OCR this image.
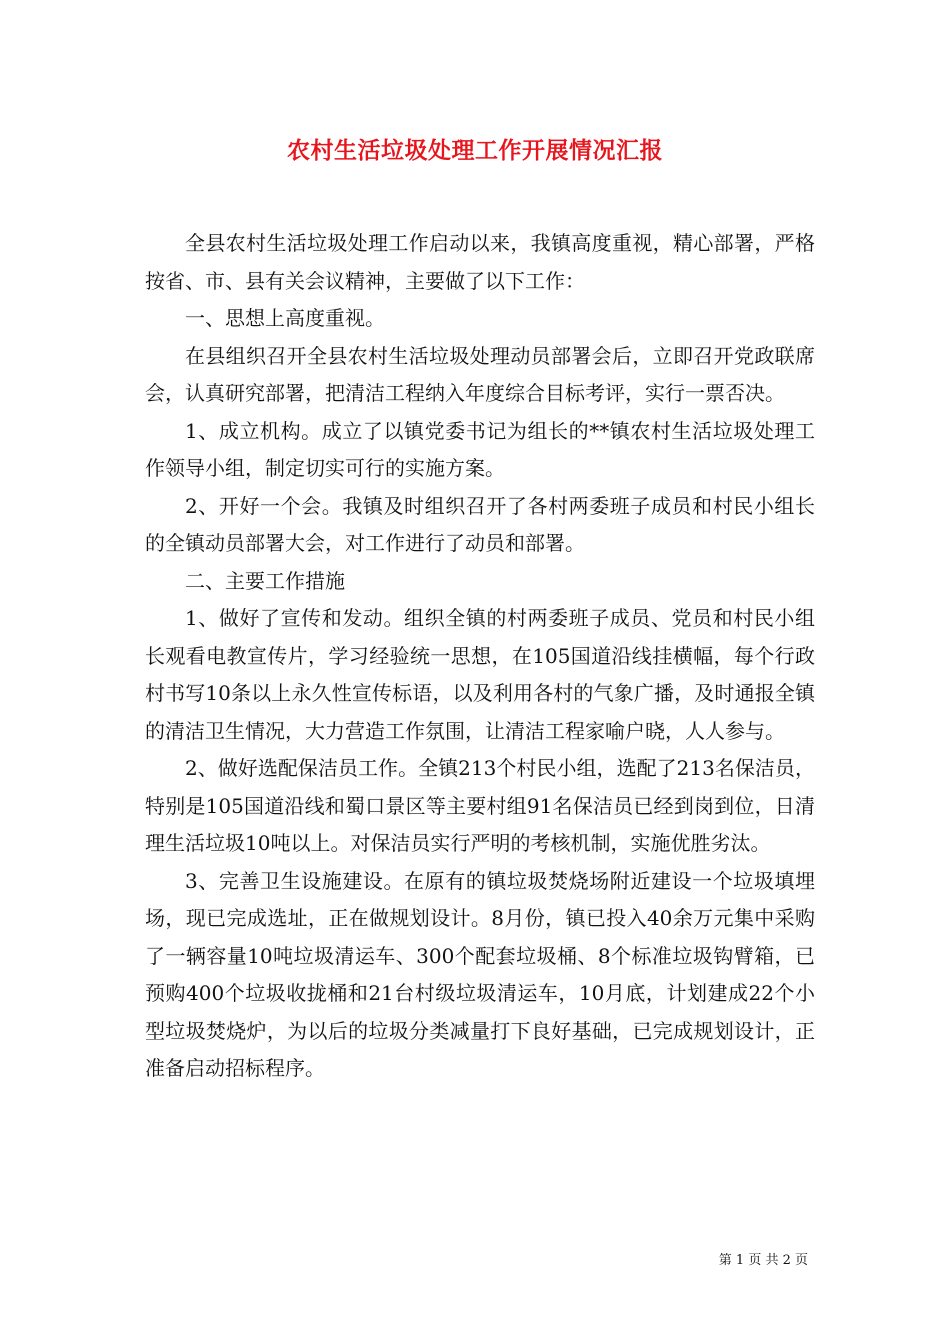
农村生活垃圾处理工作开展情况汇报

全县农村生活垃圾处理工作启动以来，我镇高度重视，精心部署，严格按省、市、县有关会议精神，主要做了以下工作：

一、思想上高度重视。

在县组织召开全县农村生活垃圾处理动员部署会后，立即召开党政联席会，认真研究部署，把清洁工程纳入年度综合目标考评，实行一票否决。

1、成立机构。成立了以镇党委书记为组长的**镇农村生活垃圾处理工作领导小组，制定切实可行的实施方案。

2、开好一个会。我镇及时组织召开了各村两委班子成员和村民小组长的全镇动员部署大会，对工作进行了动员和部署。

二、主要工作措施

1、做好了宣传和发动。组织全镇的村两委班子成员、党员和村民小组长观看电教宣传片，学习经验统一思想，在105国道沿线挂横幅，每个行政村书写10条以上永久性宣传标语，以及利用各村的气象广播，及时通报全镇的清洁卫生情况，大力营造工作氛围，让清洁工程家喻户晓，人人参与。

2、做好选配保洁员工作。全镇213个村民小组，选配了213名保洁员，特别是105国道沿线和蜀口景区等主要村组91名保洁员已经到岗到位，日清理生活垃圾10吨以上。对保洁员实行严明的考核机制，实施优胜劣汰。

3、完善卫生设施建设。在原有的镇垃圾焚烧场附近建设一个垃圾填埋场，现已完成选址，正在做规划设计。8月份，镇已投入40余万元集中采购了一辆容量10吨垃圾清运车、300个配套垃圾桶、8个标准垃圾钩臂箱，已预购400个垃圾收拢桶和21台村级垃圾清运车，10月底，计划建成22个小型垃圾焚烧炉，为以后的垃圾分类减量打下良好基础，已完成规划设计，正准备启动招标程序。

第 1 页 共 2 页
